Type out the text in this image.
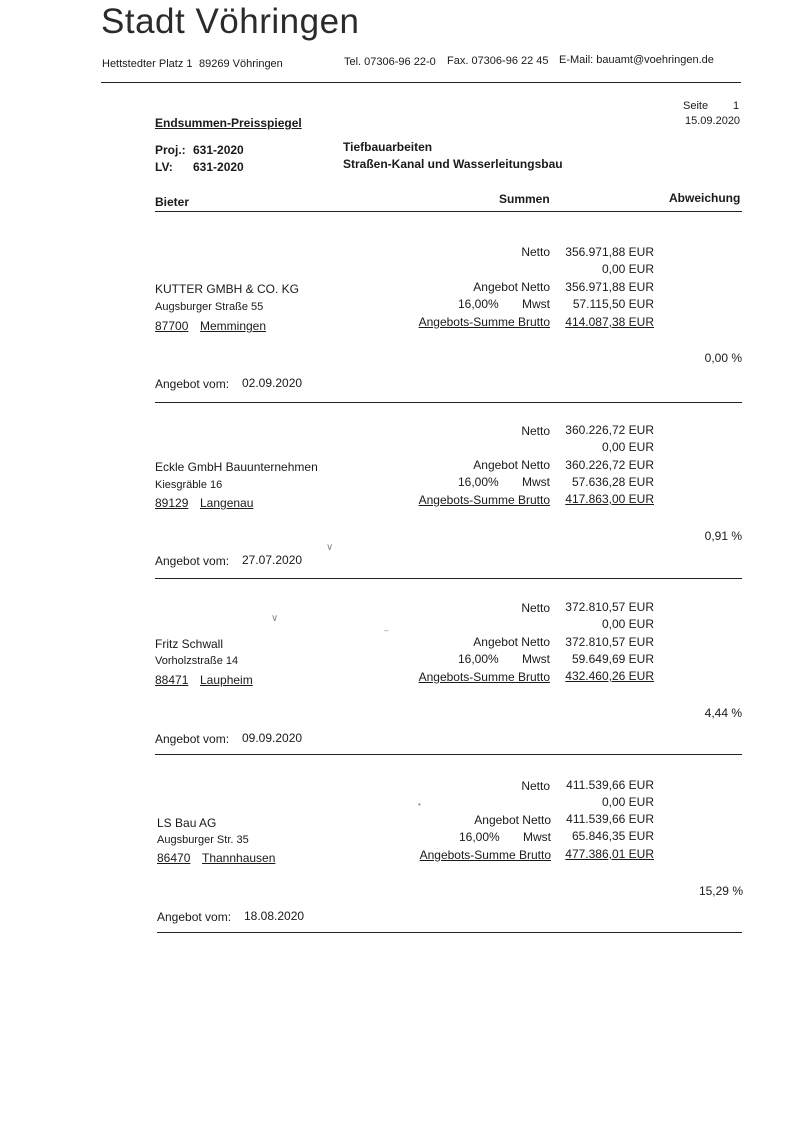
Stadt Vöhringen
Hettstedter Platz 1 89269 Vöhringen	Tel. 07306-96 22-0 Fax. 07306-96 22 45 E-Mail: bauamt@voehringen.de
Endsummen-Preisspiegel
Seite 1
15.09.2020
Proj.: 631-2020
LV: 631-2020
Tiefbauarbeiten
Straßen-Kanal und Wasserleitungsbau
Bieter	Summen	Abweichung
Netto 356.971,88 EUR
0,00 EUR
KUTTER GMBH & CO. KG	Angebot Netto 356.971,88 EUR
Augsburger Straße 55	16,00% Mwst 57.115,50 EUR
87700 Memmingen	Angebots-Summe Brutto 414.087,38 EUR
0,00 %
Angebot vom: 02.09.2020
Netto 360.226,72 EUR
0,00 EUR
Eckle GmbH Bauunternehmen	Angebot Netto 360.226,72 EUR
Kiesgräble 16	16,00% Mwst 57.636,28 EUR
89129 Langenau	Angebots-Summe Brutto 417.863,00 EUR
0,91 %
Angebot vom: 27.07.2020
Netto 372.810,57 EUR
0,00 EUR
Fritz Schwall	Angebot Netto 372.810,57 EUR
Vorholzstraße 14	16,00% Mwst 59.649,69 EUR
88471 Laupheim	Angebots-Summe Brutto 432.460,26 EUR
4,44 %
Angebot vom: 09.09.2020
Netto 411.539,66 EUR
0,00 EUR
LS Bau AG	Angebot Netto 411.539,66 EUR
Augsburger Str. 35	16,00% Mwst 65.846,35 EUR
86470 Thannhausen	Angebots-Summe Brutto 477.386,01 EUR
15,29 %
Angebot vom: 18.08.2020
∨
∨
–
•
